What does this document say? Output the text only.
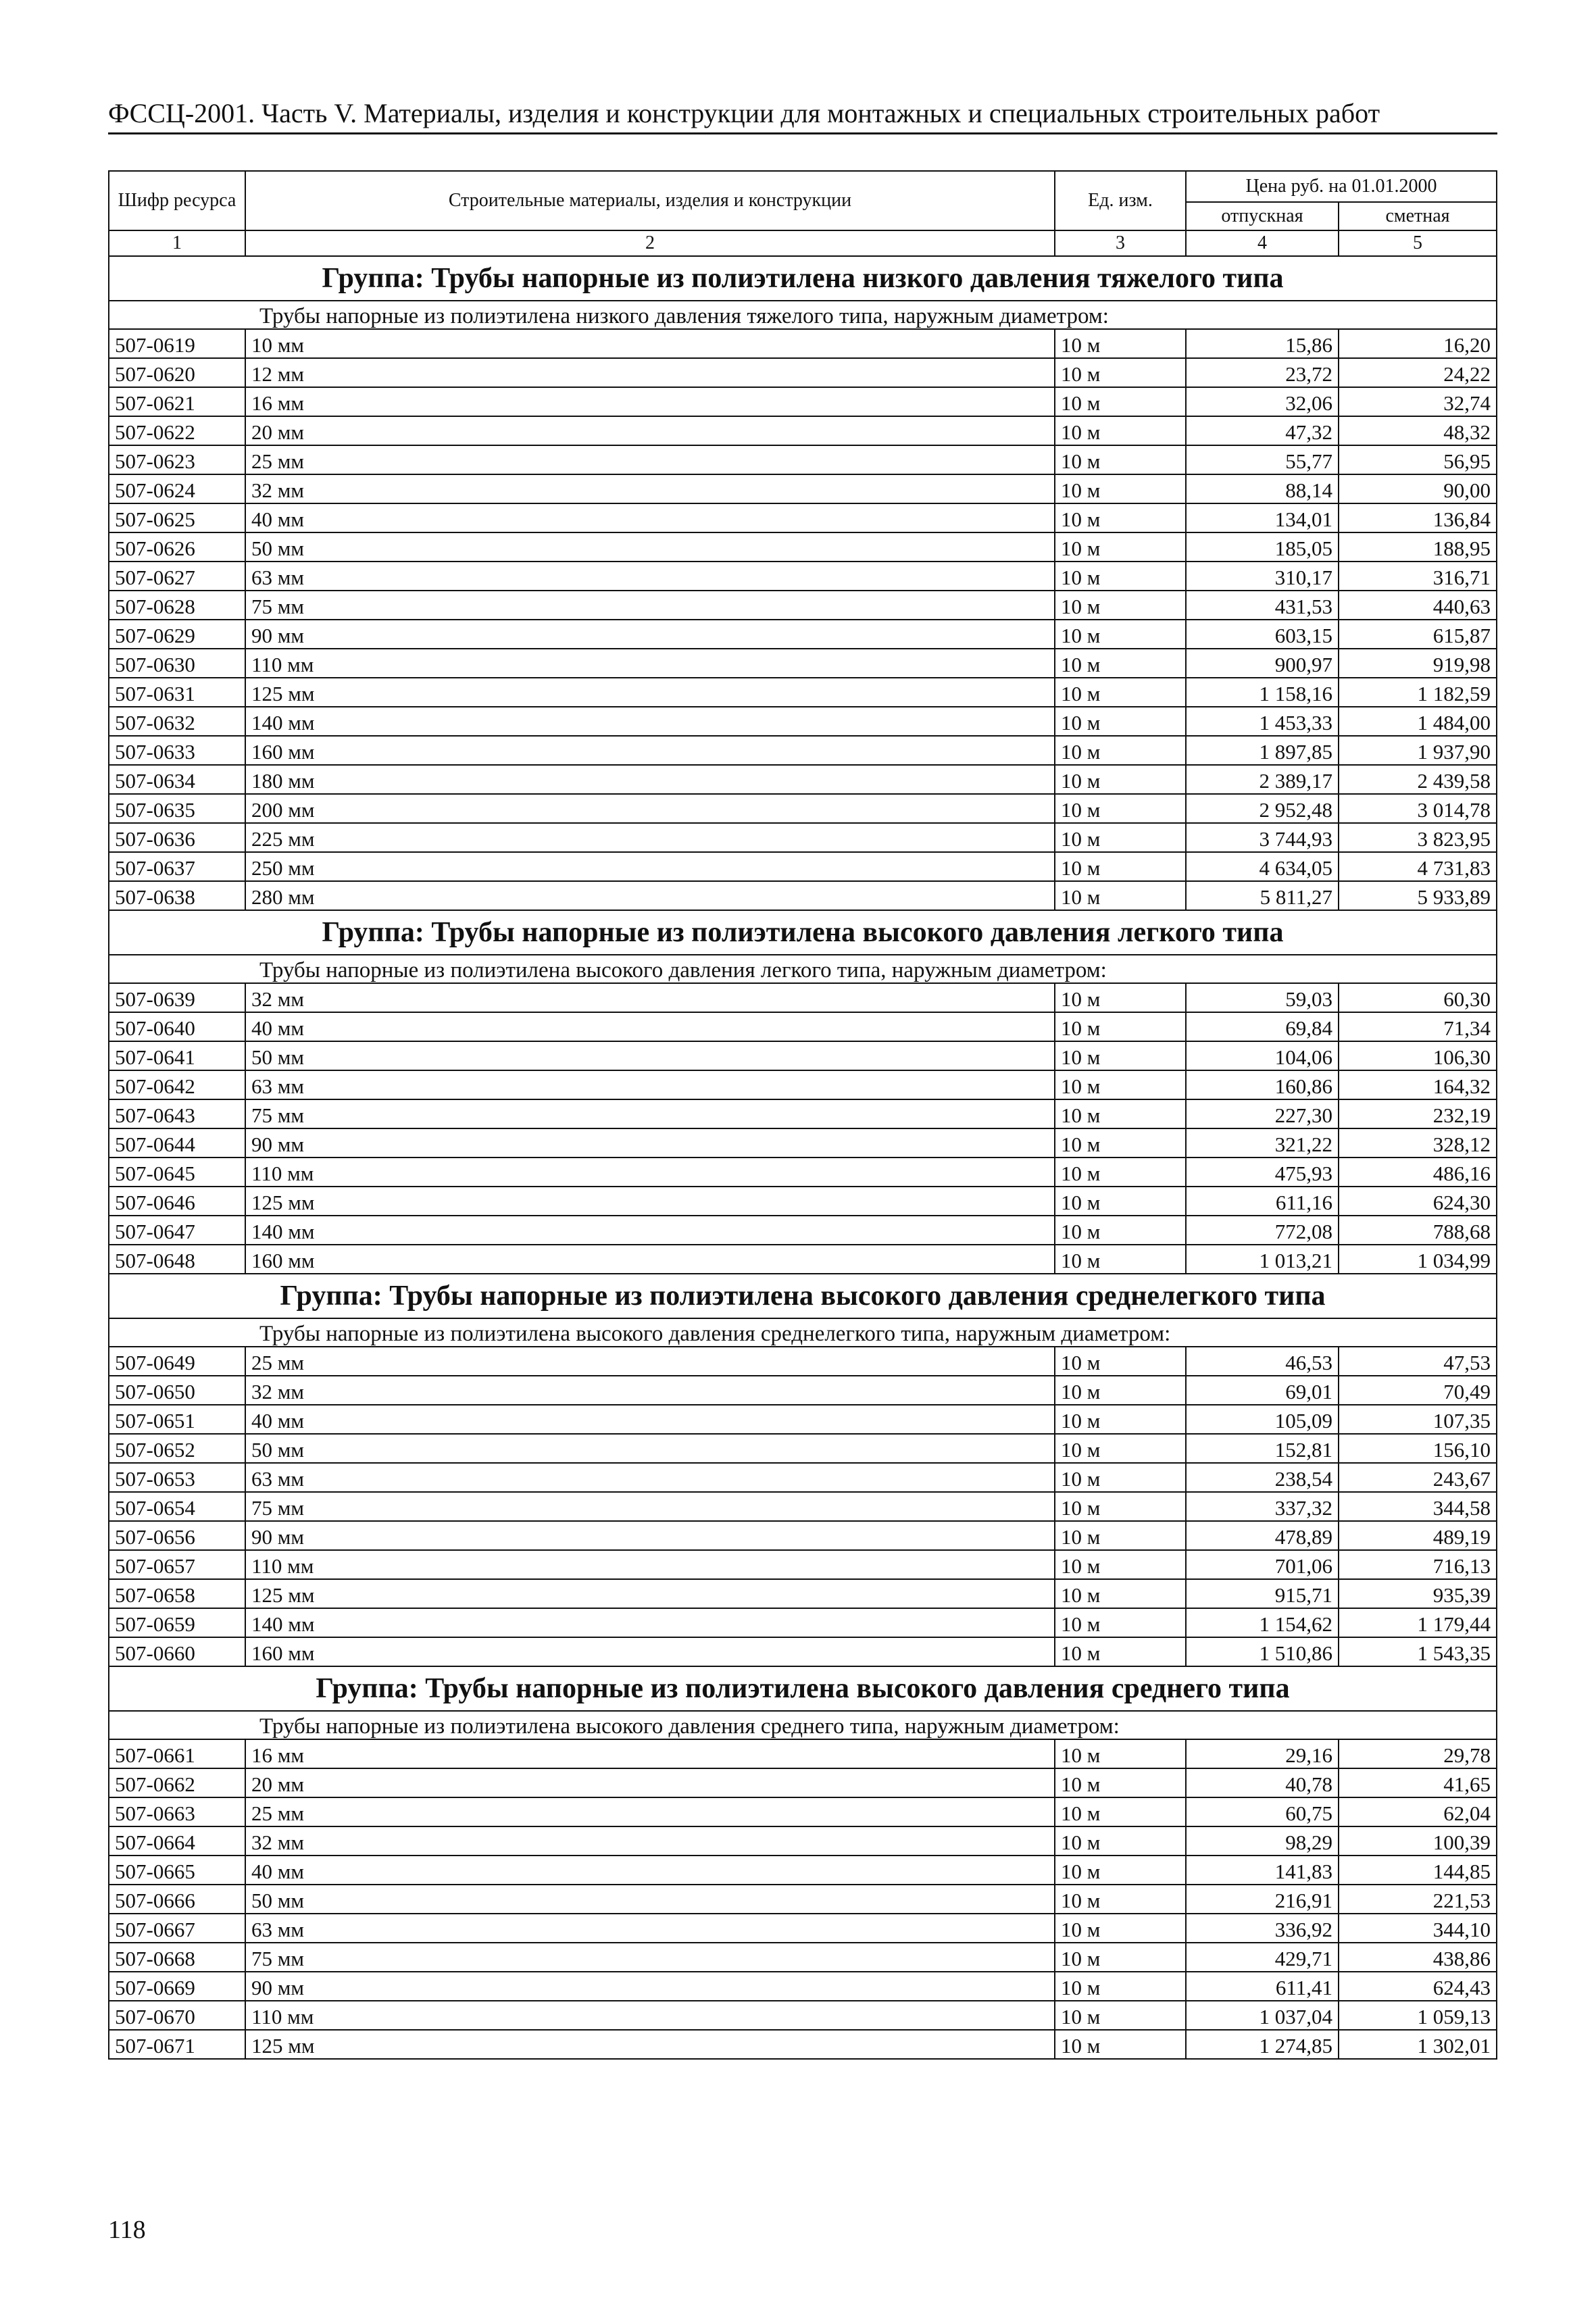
ФССЦ-2001. Часть V. Материалы, изделия и конструкции для монтажных и специальных строительных работ
Шифр ресурса	Строительные материалы, изделия и конструкции	Ед. изм.	Цена руб. на 01.01.2000	
			отпускная	сметная
1	2	3	4	5
Группа: Трубы напорные из полиэтилена низкого давления тяжелого типа				
Трубы напорные из полиэтилена низкого давления тяжелого типа, наружным диаметром:				
507-0619	10 мм	10 м	15,86	16,20
507-0620	12 мм	10 м	23,72	24,22
507-0621	16 мм	10 м	32,06	32,74
507-0622	20 мм	10 м	47,32	48,32
507-0623	25 мм	10 м	55,77	56,95
507-0624	32 мм	10 м	88,14	90,00
507-0625	40 мм	10 м	134,01	136,84
507-0626	50 мм	10 м	185,05	188,95
507-0627	63 мм	10 м	310,17	316,71
507-0628	75 мм	10 м	431,53	440,63
507-0629	90 мм	10 м	603,15	615,87
507-0630	110 мм	10 м	900,97	919,98
507-0631	125 мм	10 м	1 158,16	1 182,59
507-0632	140 мм	10 м	1 453,33	1 484,00
507-0633	160 мм	10 м	1 897,85	1 937,90
507-0634	180 мм	10 м	2 389,17	2 439,58
507-0635	200 мм	10 м	2 952,48	3 014,78
507-0636	225 мм	10 м	3 744,93	3 823,95
507-0637	250 мм	10 м	4 634,05	4 731,83
507-0638	280 мм	10 м	5 811,27	5 933,89
Группа: Трубы напорные из полиэтилена высокого давления легкого типа				
Трубы напорные из полиэтилена высокого давления легкого типа, наружным диаметром:				
507-0639	32 мм	10 м	59,03	60,30
507-0640	40 мм	10 м	69,84	71,34
507-0641	50 мм	10 м	104,06	106,30
507-0642	63 мм	10 м	160,86	164,32
507-0643	75 мм	10 м	227,30	232,19
507-0644	90 мм	10 м	321,22	328,12
507-0645	110 мм	10 м	475,93	486,16
507-0646	125 мм	10 м	611,16	624,30
507-0647	140 мм	10 м	772,08	788,68
507-0648	160 мм	10 м	1 013,21	1 034,99
Группа: Трубы напорные из полиэтилена высокого давления среднелегкого типа				
Трубы напорные из полиэтилена высокого давления среднелегкого типа, наружным диаметром:				
507-0649	25 мм	10 м	46,53	47,53
507-0650	32 мм	10 м	69,01	70,49
507-0651	40 мм	10 м	105,09	107,35
507-0652	50 мм	10 м	152,81	156,10
507-0653	63 мм	10 м	238,54	243,67
507-0654	75 мм	10 м	337,32	344,58
507-0656	90 мм	10 м	478,89	489,19
507-0657	110 мм	10 м	701,06	716,13
507-0658	125 мм	10 м	915,71	935,39
507-0659	140 мм	10 м	1 154,62	1 179,44
507-0660	160 мм	10 м	1 510,86	1 543,35
Группа: Трубы напорные из полиэтилена высокого давления среднего типа				
Трубы напорные из полиэтилена высокого давления среднего типа, наружным диаметром:				
507-0661	16 мм	10 м	29,16	29,78
507-0662	20 мм	10 м	40,78	41,65
507-0663	25 мм	10 м	60,75	62,04
507-0664	32 мм	10 м	98,29	100,39
507-0665	40 мм	10 м	141,83	144,85
507-0666	50 мм	10 м	216,91	221,53
507-0667	63 мм	10 м	336,92	344,10
507-0668	75 мм	10 м	429,71	438,86
507-0669	90 мм	10 м	611,41	624,43
507-0670	110 мм	10 м	1 037,04	1 059,13
507-0671	125 мм	10 м	1 274,85	1 302,01
118
